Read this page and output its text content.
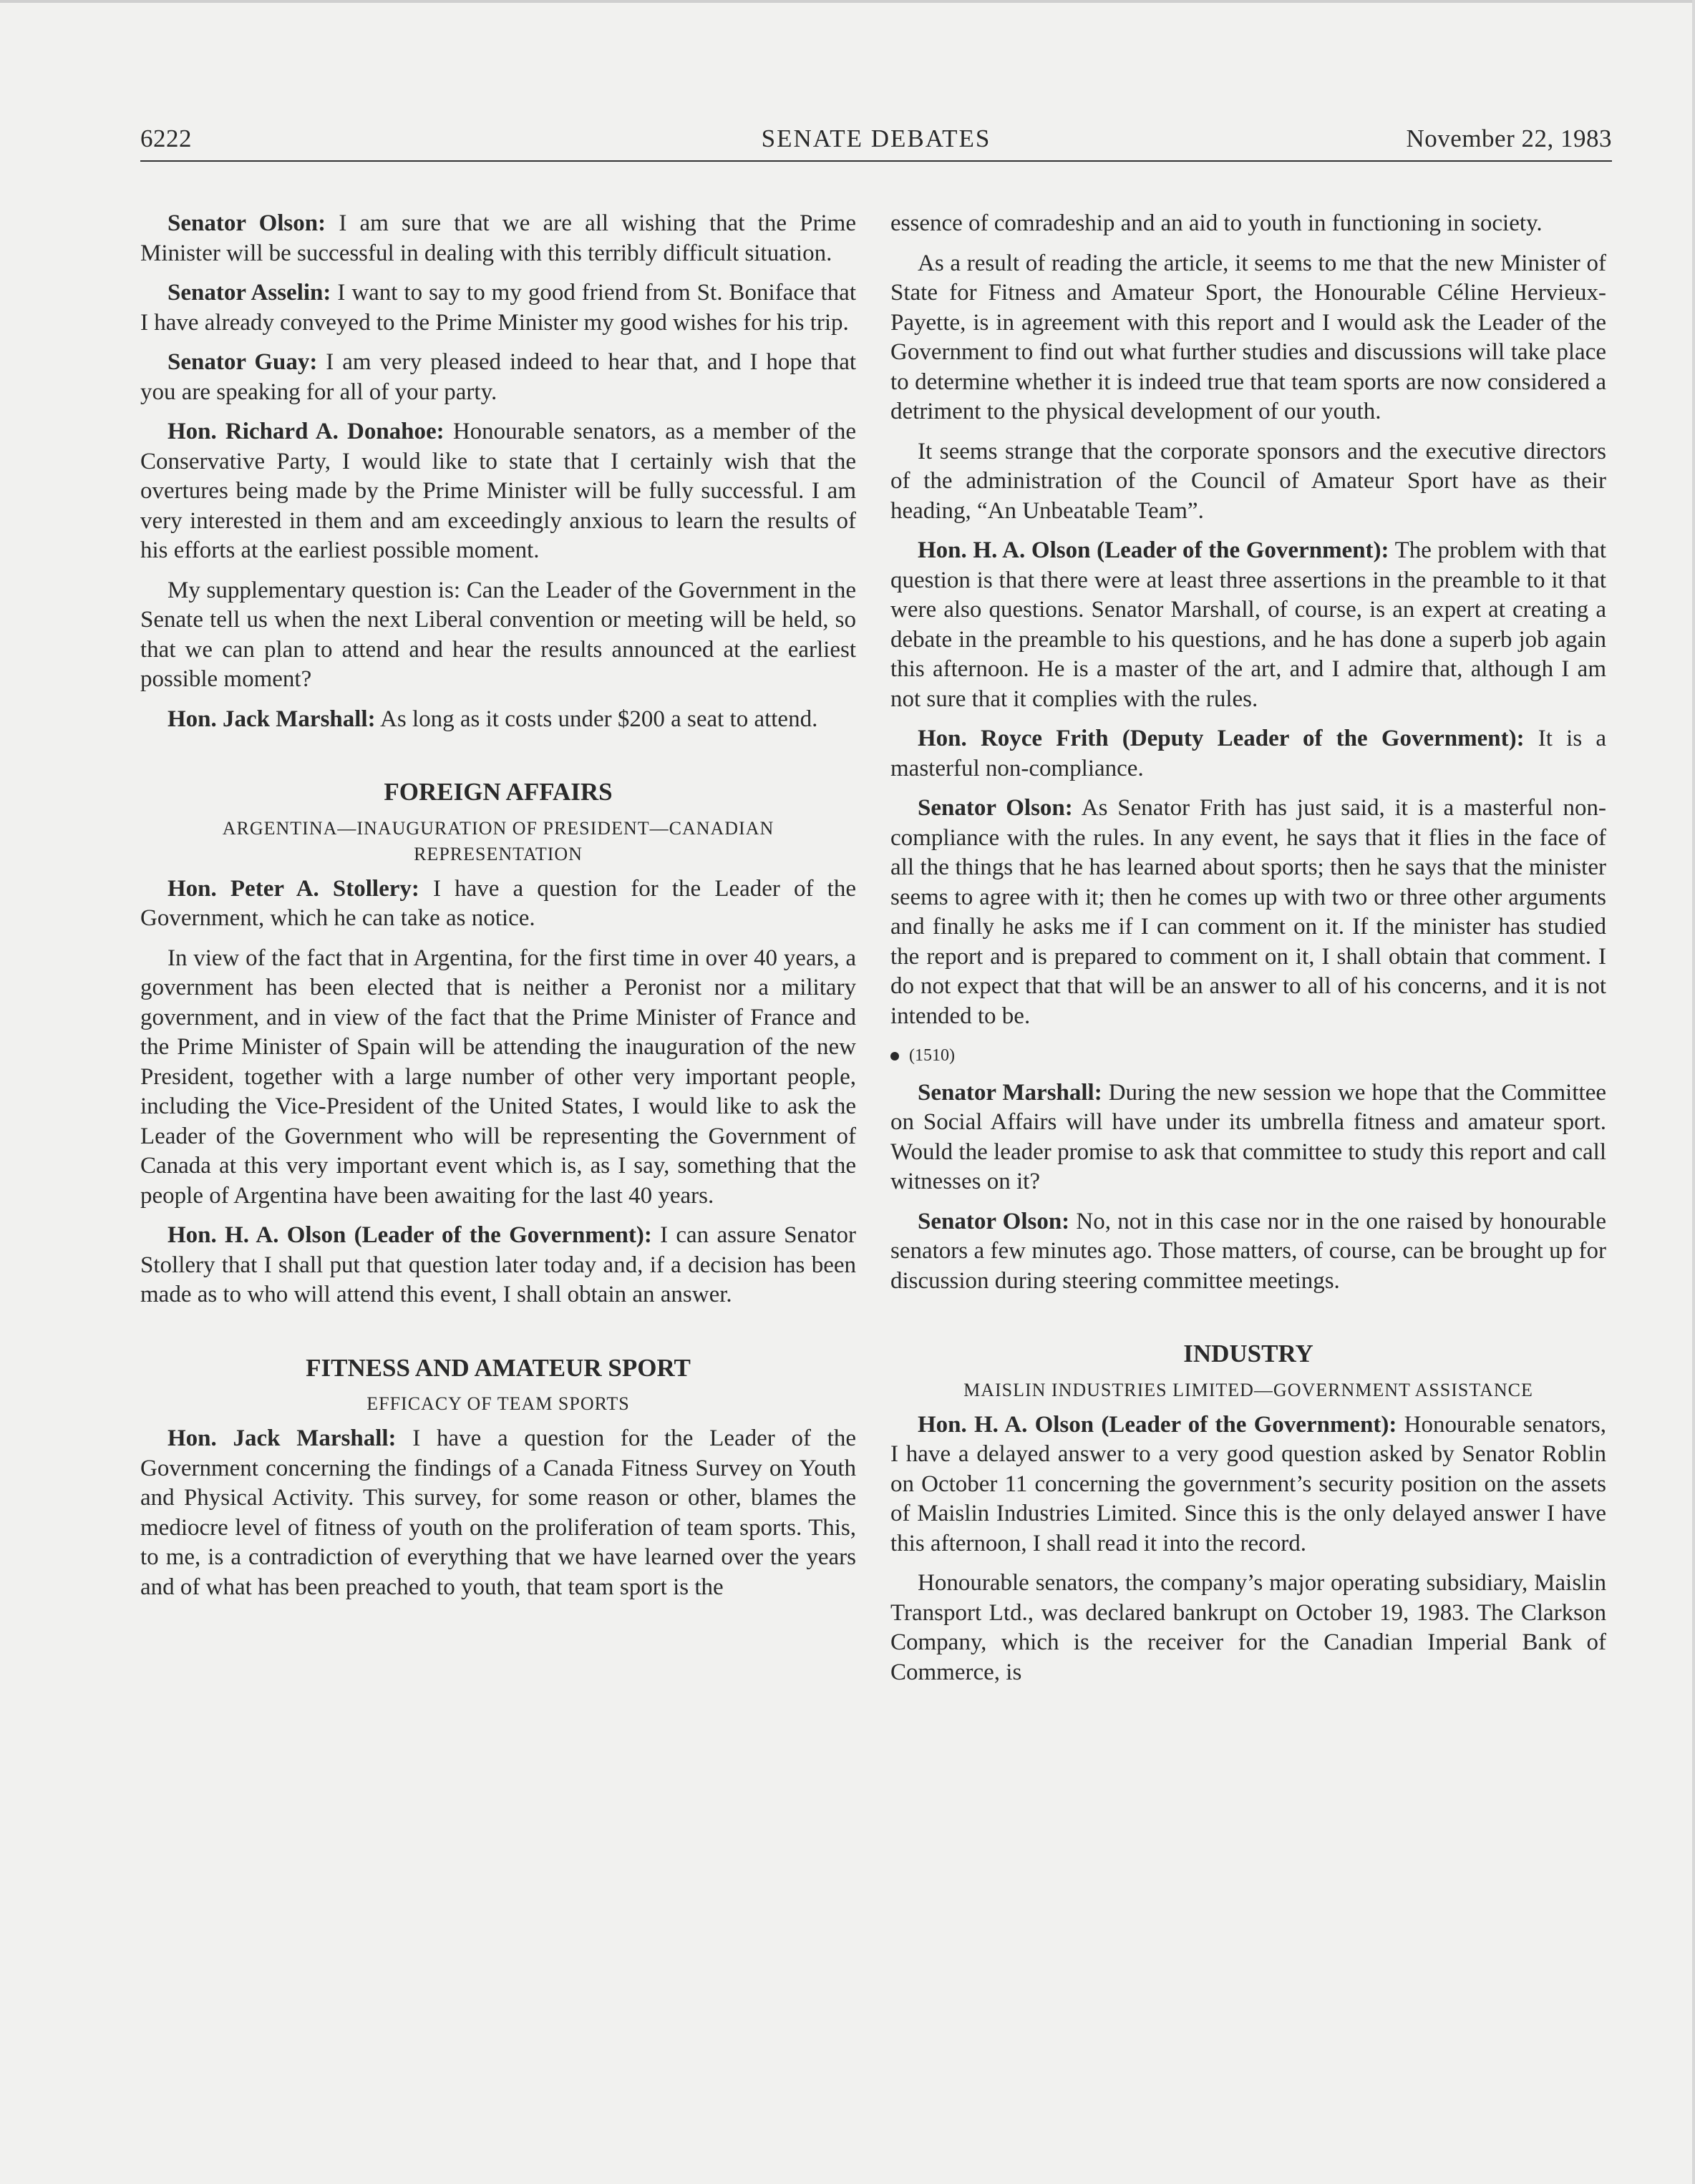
6222	SENATE DEBATES	November 22, 1983

Senator Olson: I am sure that we are all wishing that the Prime Minister will be successful in dealing with this terribly difficult situation.

Senator Asselin: I want to say to my good friend from St. Boniface that I have already conveyed to the Prime Minister my good wishes for his trip.

Senator Guay: I am very pleased indeed to hear that, and I hope that you are speaking for all of your party.

Hon. Richard A. Donahoe: Honourable senators, as a member of the Conservative Party, I would like to state that I certainly wish that the overtures being made by the Prime Minister will be fully successful. I am very interested in them and am exceedingly anxious to learn the results of his efforts at the earliest possible moment.

My supplementary question is: Can the Leader of the Government in the Senate tell us when the next Liberal convention or meeting will be held, so that we can plan to attend and hear the results announced at the earliest possible moment?

Hon. Jack Marshall: As long as it costs under $200 a seat to attend.

FOREIGN AFFAIRS
ARGENTINA—INAUGURATION OF PRESIDENT—CANADIAN REPRESENTATION

Hon. Peter A. Stollery: I have a question for the Leader of the Government, which he can take as notice.

In view of the fact that in Argentina, for the first time in over 40 years, a government has been elected that is neither a Peronist nor a military government, and in view of the fact that the Prime Minister of France and the Prime Minister of Spain will be attending the inauguration of the new President, together with a large number of other very important people, including the Vice-President of the United States, I would like to ask the Leader of the Government who will be representing the Government of Canada at this very important event which is, as I say, something that the people of Argentina have been awaiting for the last 40 years.

Hon. H. A. Olson (Leader of the Government): I can assure Senator Stollery that I shall put that question later today and, if a decision has been made as to who will attend this event, I shall obtain an answer.

FITNESS AND AMATEUR SPORT
EFFICACY OF TEAM SPORTS

Hon. Jack Marshall: I have a question for the Leader of the Government concerning the findings of a Canada Fitness Survey on Youth and Physical Activity. This survey, for some reason or other, blames the mediocre level of fitness of youth on the proliferation of team sports. This, to me, is a contradiction of everything that we have learned over the years and of what has been preached to youth, that team sport is the

essence of comradeship and an aid to youth in functioning in society.

As a result of reading the article, it seems to me that the new Minister of State for Fitness and Amateur Sport, the Honourable Céline Hervieux-Payette, is in agreement with this report and I would ask the Leader of the Government to find out what further studies and discussions will take place to determine whether it is indeed true that team sports are now considered a detriment to the physical development of our youth.

It seems strange that the corporate sponsors and the executive directors of the administration of the Council of Amateur Sport have as their heading, “An Unbeatable Team”.

Hon. H. A. Olson (Leader of the Government): The problem with that question is that there were at least three assertions in the preamble to it that were also questions. Senator Marshall, of course, is an expert at creating a debate in the preamble to his questions, and he has done a superb job again this afternoon. He is a master of the art, and I admire that, although I am not sure that it complies with the rules.

Hon. Royce Frith (Deputy Leader of the Government): It is a masterful non-compliance.

Senator Olson: As Senator Frith has just said, it is a masterful non-compliance with the rules. In any event, he says that it flies in the face of all the things that he has learned about sports; then he says that the minister seems to agree with it; then he comes up with two or three other arguments and finally he asks me if I can comment on it. If the minister has studied the report and is prepared to comment on it, I shall obtain that comment. I do not expect that that will be an answer to all of his concerns, and it is not intended to be.

(1510)

Senator Marshall: During the new session we hope that the Committee on Social Affairs will have under its umbrella fitness and amateur sport. Would the leader promise to ask that committee to study this report and call witnesses on it?

Senator Olson: No, not in this case nor in the one raised by honourable senators a few minutes ago. Those matters, of course, can be brought up for discussion during steering committee meetings.

INDUSTRY
MAISLIN INDUSTRIES LIMITED—GOVERNMENT ASSISTANCE

Hon. H. A. Olson (Leader of the Government): Honourable senators, I have a delayed answer to a very good question asked by Senator Roblin on October 11 concerning the government’s security position on the assets of Maislin Industries Limited. Since this is the only delayed answer I have this afternoon, I shall read it into the record.

Honourable senators, the company’s major operating subsidiary, Maislin Transport Ltd., was declared bankrupt on October 19, 1983. The Clarkson Company, which is the receiver for the Canadian Imperial Bank of Commerce, is
